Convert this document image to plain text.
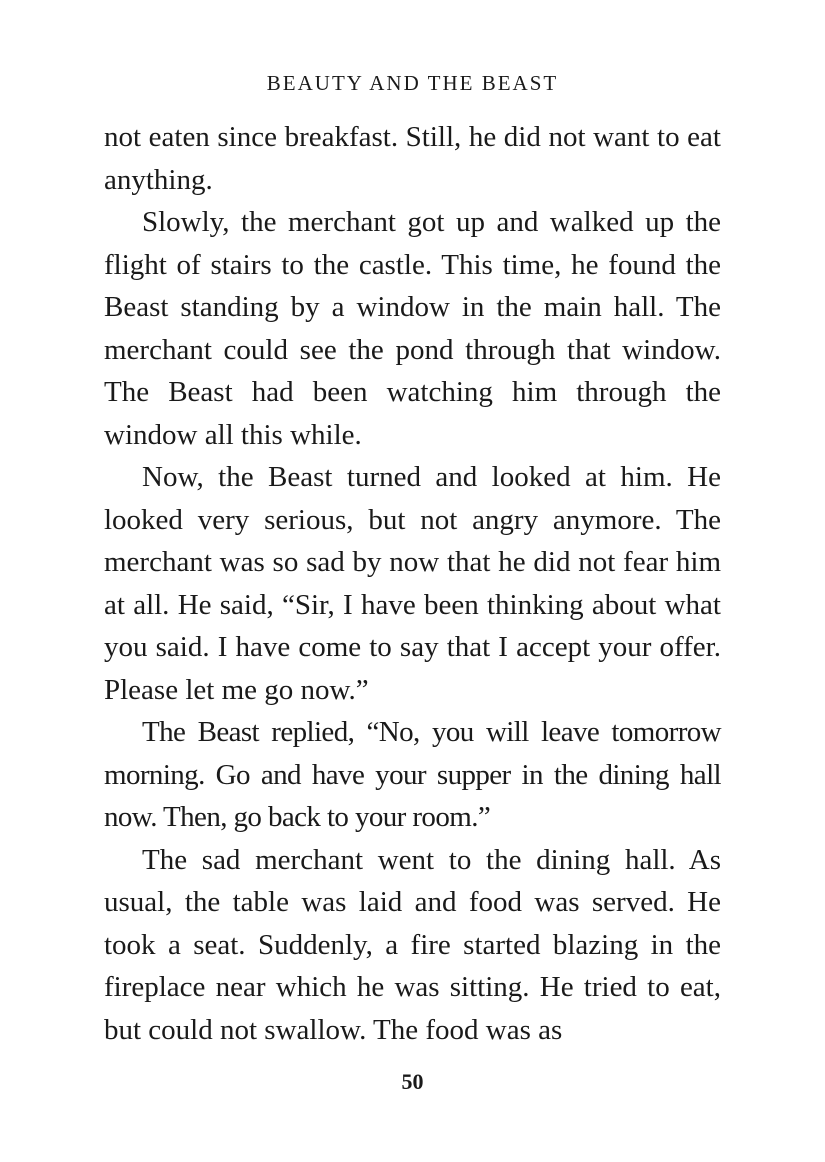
BEAUTY AND THE BEAST

not eaten since breakfast. Still, he did not want to eat anything.

Slowly, the merchant got up and walked up the flight of stairs to the castle. This time, he found the Beast standing by a window in the main hall. The merchant could see the pond through that window. The Beast had been watching him through the window all this while.

Now, the Beast turned and looked at him. He looked very serious, but not angry anymore. The merchant was so sad by now that he did not fear him at all. He said, “Sir, I have been thinking about what you said. I have come to say that I accept your offer. Please let me go now.”

The Beast replied, “No, you will leave tomorrow morning. Go and have your supper in the dining hall now. Then, go back to your room.”

The sad merchant went to the dining hall. As usual, the table was laid and food was served. He took a seat. Suddenly, a fire started blazing in the fireplace near which he was sitting. He tried to eat, but could not swallow. The food was as

50
